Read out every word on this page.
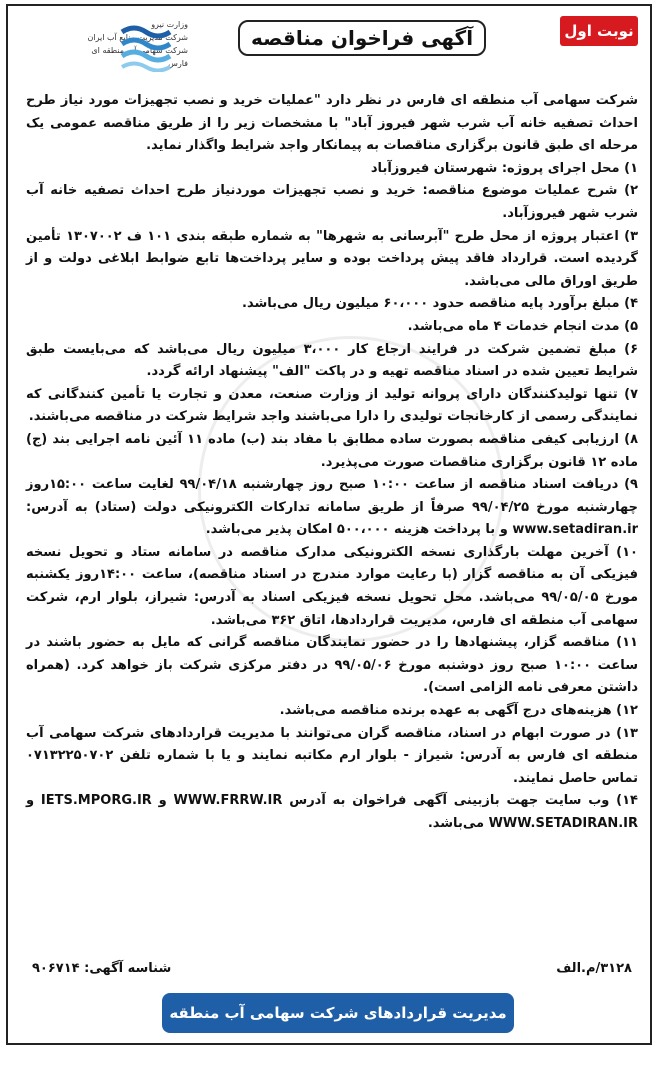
وزارت نیرو
شرکت مدیریت منابع آب ایران
شرکت سهامی آب منطقه ای فارس
آگهی فراخوان مناقصه	نوبت اول

شرکت سهامی آب منطقه ای فارس در نظر دارد "عملیات خرید و نصب تجهیزات مورد نیاز طرح احداث تصفیه خانه آب شرب شهر فیروز آباد" با مشخصات زیر را از طریق مناقصه عمومی یک مرحله ای طبق قانون برگزاری مناقصات به پیمانکار واجد شرایط واگذار نماید.

۱) محل اجرای پروژه: شهرستان فیروزآباد

۲) شرح عملیات موضوع مناقصه: خرید و نصب تجهیزات موردنیاز طرح احداث تصفیه خانه آب شرب شهر فیروزآباد.

۳) اعتبار پروژه از محل طرح "آبرسانی به شهرها" به شماره طبقه بندی ۱۰۱ ف ۱۳۰۷۰۰۲ تأمین گردیده است. قرارداد فاقد پیش پرداخت بوده و سایر پرداخت‌ها تابع ضوابط ابلاغی دولت و از طریق اوراق مالی می‌باشد.

۴) مبلغ برآورد پایه مناقصه حدود ۶۰،۰۰۰ میلیون ریال می‌باشد.

۵) مدت انجام خدمات ۴ ماه می‌باشد.

۶) مبلغ تضمین شرکت در فرایند ارجاع کار ۳،۰۰۰ میلیون ریال می‌باشد که می‌بایست طبق شرایط تعیین شده در اسناد مناقصه تهیه و در پاکت "الف" پیشنهاد ارائه گردد.

۷) تنها تولیدکنندگان دارای پروانه تولید از وزارت صنعت، معدن و تجارت یا تأمین کنندگانی که نمایندگی رسمی از کارخانجات تولیدی را دارا می‌باشند واجد شرایط شرکت در مناقصه می‌باشند.

۸) ارزیابی کیفی مناقصه بصورت ساده مطابق با مفاد بند (ب) ماده ۱۱ آئین نامه اجرایی بند (ج) ماده ۱۲ قانون برگزاری مناقصات صورت می‌پذیرد.

۹) دریافت اسناد مناقصه از ساعت ۱۰:۰۰ صبح روز چهارشنبه ۹۹/۰۴/۱۸ لغایت ساعت ۱۵:۰۰روز چهارشنبه مورخ ۹۹/۰۴/۲۵ صرفاً از طریق سامانه تدارکات الکترونیکی دولت (ستاد) به آدرس: www.setadiran.ir و با پرداخت هزینه ۵۰۰،۰۰۰ امکان پذیر می‌باشد.

۱۰) آخرین مهلت بارگذاری نسخه الکترونیکی مدارک مناقصه در سامانه ستاد و تحویل نسخه فیزیکی آن به مناقصه گزار (با رعایت موارد مندرج در اسناد مناقصه)، ساعت ۱۴:۰۰روز یکشنبه مورخ ۹۹/۰۵/۰۵ می‌باشد. محل تحویل نسخه فیزیکی اسناد به آدرس: شیراز، بلوار ارم، شرکت سهامی آب منطقه ای فارس، مدیریت قراردادها، اتاق ۳۶۲ می‌باشد.

۱۱) مناقصه گزار، پیشنهادها را در حضور نمایندگان مناقصه گرانی که مایل به حضور باشند در ساعت ۱۰:۰۰ صبح روز دوشنبه مورخ ۹۹/۰۵/۰۶ در دفتر مرکزی شرکت باز خواهد کرد. (همراه داشتن معرفی نامه الزامی است).

۱۲) هزینه‌های درج آگهی به عهده برنده مناقصه می‌باشد.

۱۳) در صورت ابهام در اسناد، مناقصه گران می‌توانند با مدیریت قراردادهای شرکت سهامی آب منطقه ای فارس به آدرس: شیراز - بلوار ارم مکاتبه نمایند و یا با شماره تلفن ۰۷۱۳۲۲۵۰۷۰۲ تماس حاصل نمایند.

۱۴) وب سایت جهت بازبینی آگهی فراخوان به آدرس WWW.FRRW.IR و IETS.MPORG.IR و WWW.SETADIRAN.IR می‌باشد.

۳۱۲۸/م.الف
شناسه آگهی: ۹۰۶۷۱۴
مدیریت قراردادهای شرکت سهامی آب منطقه ای فارس
